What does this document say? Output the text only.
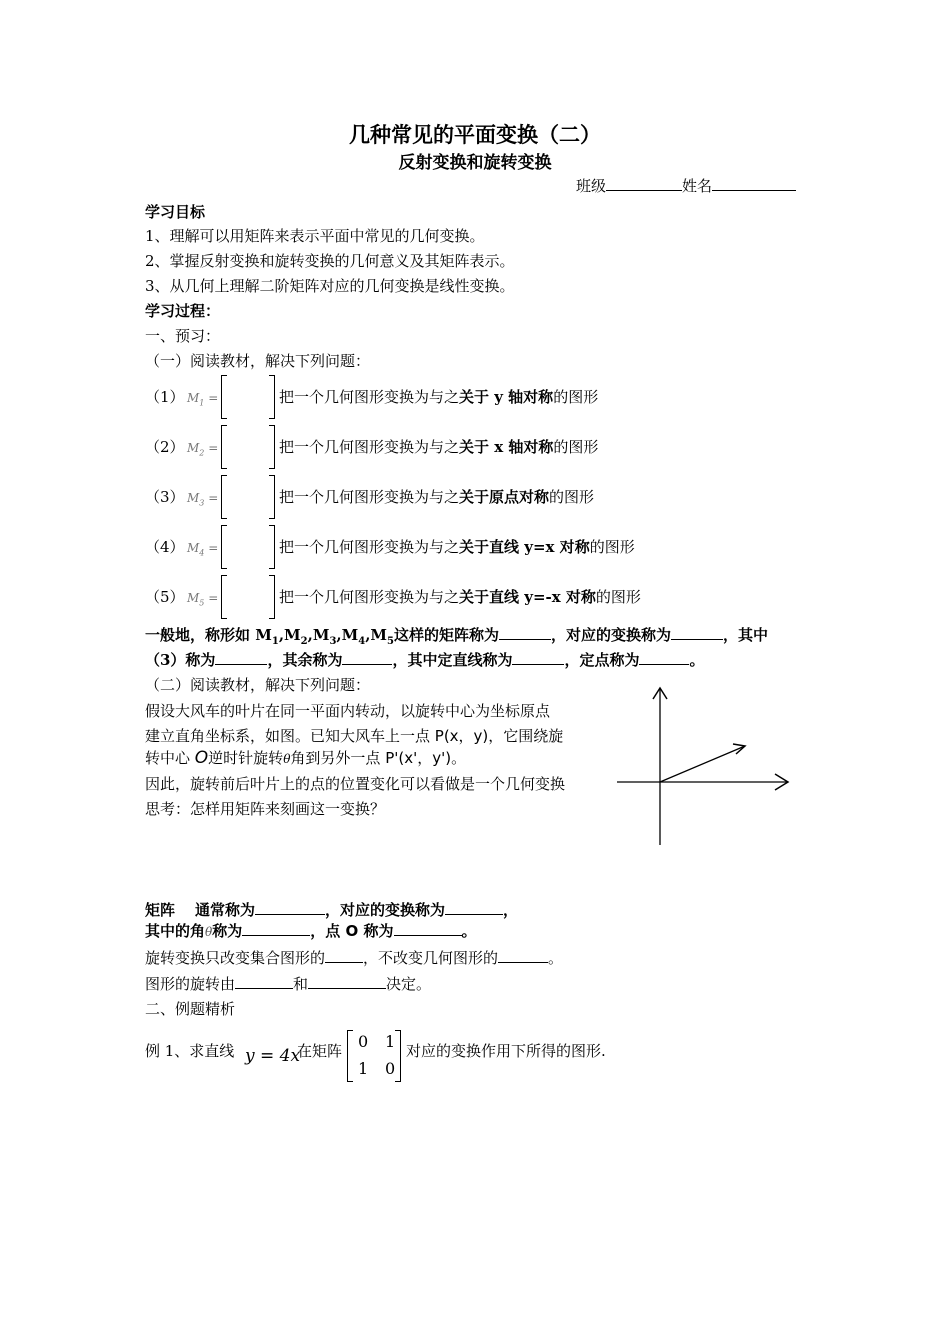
几种常见的平面变换（二）
反射变换和旋转变换
班级	姓名
学习目标
1、理解可以用矩阵来表示平面中常见的几何变换。
2、掌握反射变换和旋转变换的几何意义及其矩阵表示。
3、从几何上理解二阶矩阵对应的几何变换是线性变换。
学习过程：
一、预习：
（一）阅读教材，解决下列问题：
（1） $M_1$ =	把一个几何图形变换为与之关于 y 轴对称的图形
（2） $M_2$ =	把一个几何图形变换为与之关于 x 轴对称的图形
（3） $M_3$ =	把一个几何图形变换为与之关于原点对称的图形
（4） $M_4$ =	把一个几何图形变换为与之关于直线 y=x 对称的图形
（5） $M_5$ =	把一个几何图形变换为与之关于直线 y=-x 对称的图形
一般地，称形如 $M_1,M_2,M_3,M_4,M_5$这样的矩阵称为	，对应的变换称为	，其中
（3）称为	，其余称为	，其中定直线称为	，定点称为	。
（二）阅读教材，解决下列问题：
假设大风车的叶片在同一平面内转动，以旋转中心为坐标原点
建立直角坐标系，如图。已知大风车上一点 P(x，y)，它围绕旋
转中心 O逆时针旋转θ角到另外一点 P'(x'，y')。
因此，旋转前后叶片上的点的位置变化可以看做是一个几何变换
思考：怎样用矩阵来刻画这一变换？
矩阵 通常称为	，对应的变换称为	，
其中的角θ称为	，点 O 称为	。
旋转变换只改变集合图形的	，不改变几何图形的	。
图形的旋转由	和	决定。
二、例题精析
例 1、求直线 y = 4x
在矩阵 0 1
1 0
对应的变换作用下所得的图形.
